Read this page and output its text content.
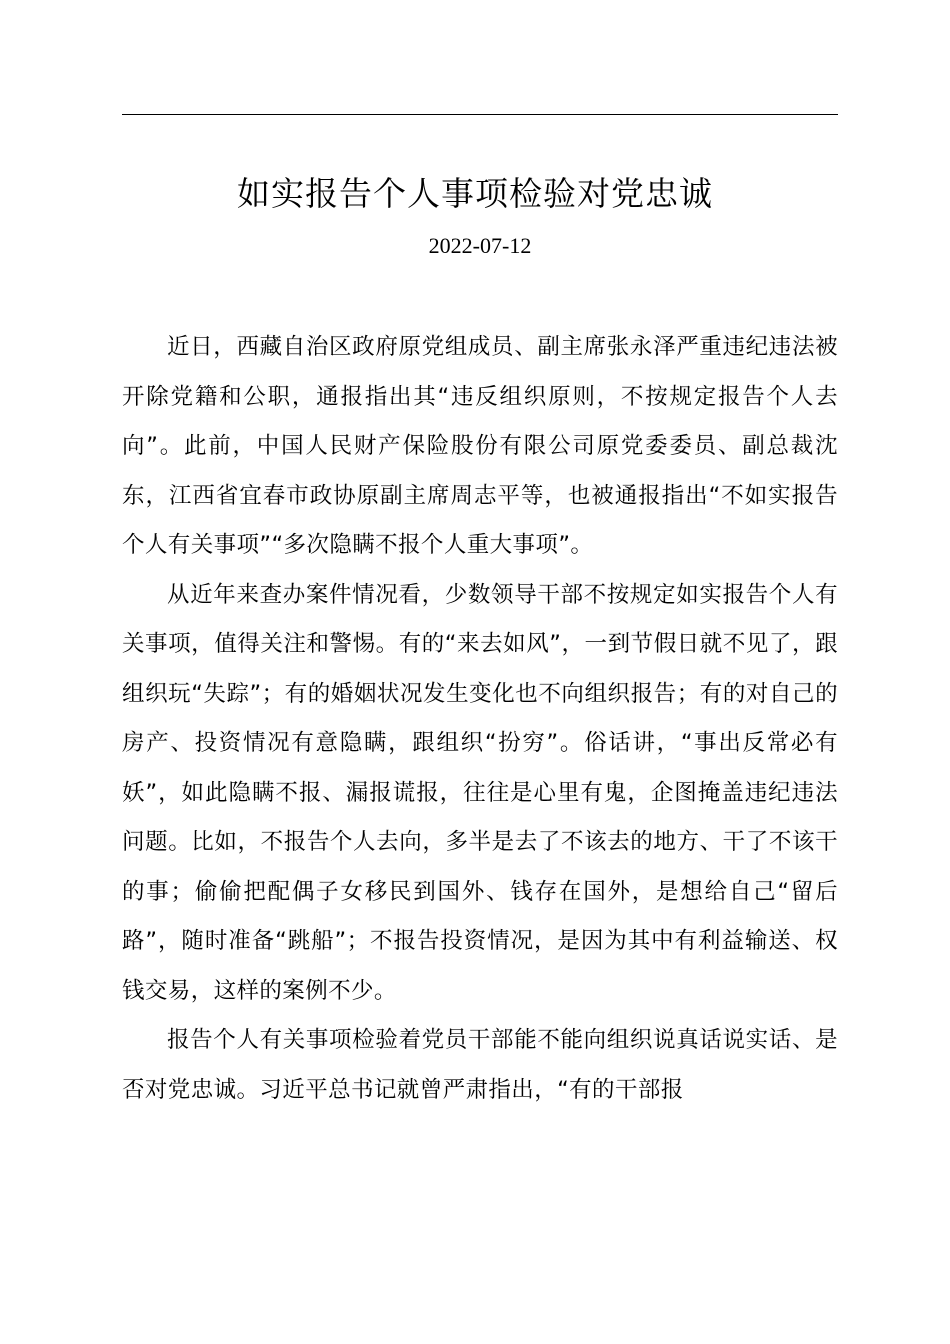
如实报告个人事项检验对党忠诚
2022-07-12

近日，西藏自治区政府原党组成员、副主席张永泽严重违纪违法被开除党籍和公职，通报指出其“违反组织原则，不按规定报告个人去向”。此前，中国人民财产保险股份有限公司原党委委员、副总裁沈东，江西省宜春市政协原副主席周志平等，也被通报指出“不如实报告个人有关事项”“多次隐瞒不报个人重大事项”。

从近年来查办案件情况看，少数领导干部不按规定如实报告个人有关事项，值得关注和警惕。有的“来去如风”，一到节假日就不见了，跟组织玩“失踪”；有的婚姻状况发生变化也不向组织报告；有的对自己的房产、投资情况有意隐瞒，跟组织“扮穷”。俗话讲，“事出反常必有妖”，如此隐瞒不报、漏报谎报，往往是心里有鬼，企图掩盖违纪违法问题。比如，不报告个人去向，多半是去了不该去的地方、干了不该干的事；偷偷把配偶子女移民到国外、钱存在国外，是想给自己“留后路”，随时准备“跳船”；不报告投资情况，是因为其中有利益输送、权钱交易，这样的案例不少。

报告个人有关事项检验着党员干部能不能向组织说真话说实话、是否对党忠诚。习近平总书记就曾严肃指出，“有的干部报
